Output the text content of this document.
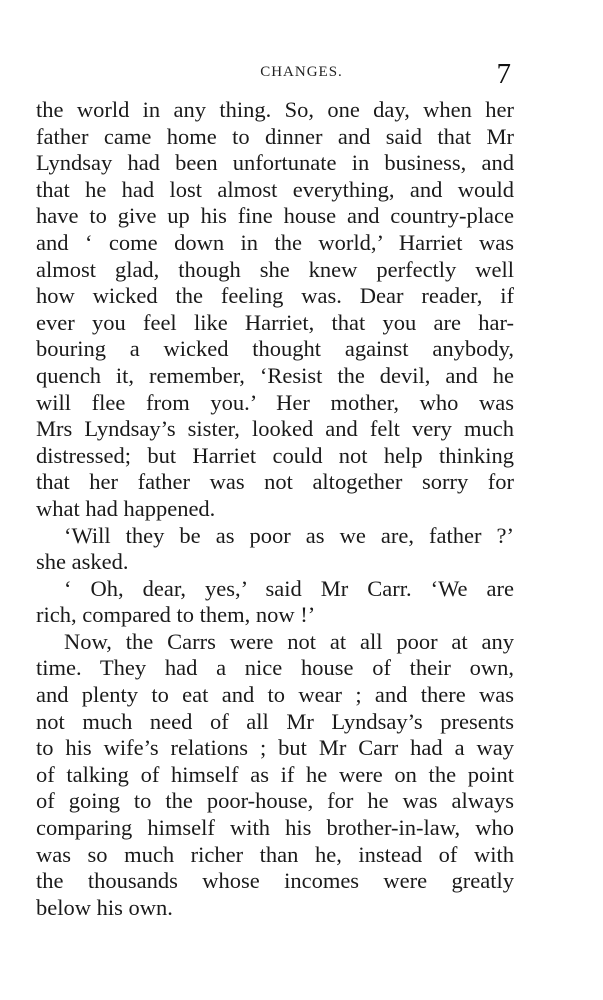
CHANGES.	7
the world in any thing. So, one day, when her
father came home to dinner and said that Mr
Lyndsay had been unfortunate in business, and
that he had lost almost everything, and would
have to give up his fine house and country-place
and ‘ come down in the world,’ Harriet was
almost glad, though she knew perfectly well
how wicked the feeling was. Dear reader, if
ever you feel like Harriet, that you are har-
bouring a wicked thought against anybody,
quench it, remember, ‘Resist the devil, and he
will flee from you.’ Her mother, who was
Mrs Lyndsay’s sister, looked and felt very much
distressed; but Harriet could not help thinking
that her father was not altogether sorry for
what had happened.
‘Will they be as poor as we are, father ?’
she asked.
‘ Oh, dear, yes,’ said Mr Carr. ‘We are
rich, compared to them, now !’
Now, the Carrs were not at all poor at any
time. They had a nice house of their own,
and plenty to eat and to wear ; and there was
not much need of all Mr Lyndsay’s presents
to his wife’s relations ; but Mr Carr had a way
of talking of himself as if he were on the point
of going to the poor-house, for he was always
comparing himself with his brother-in-law, who
was so much richer than he, instead of with
the thousands whose incomes were greatly
below his own.
